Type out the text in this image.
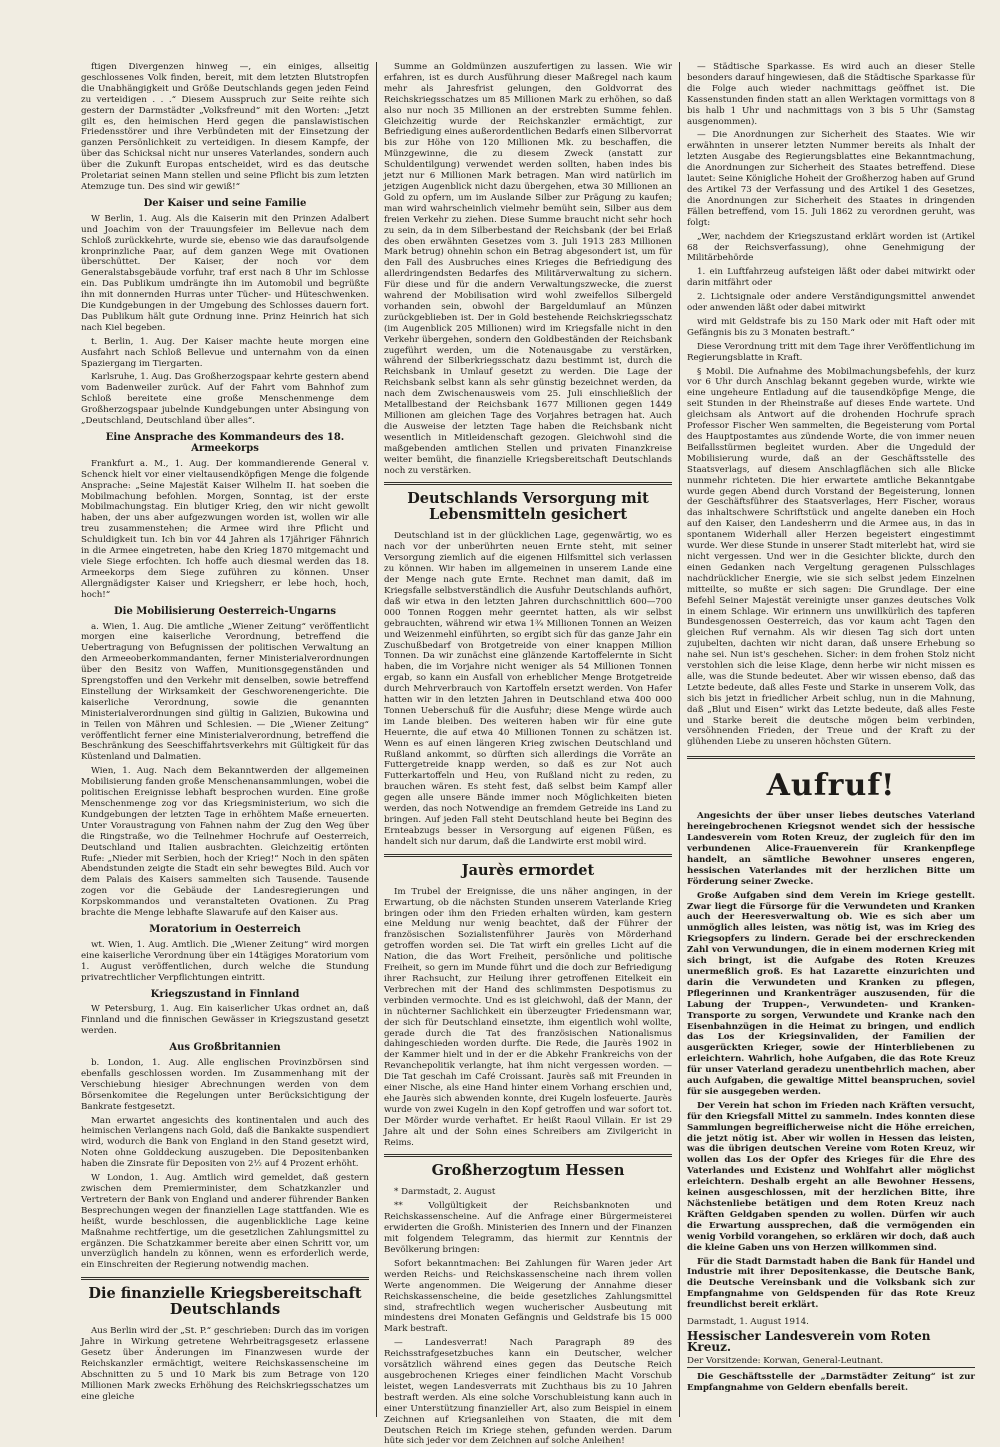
ftigen Divergenzen hinweg —, ein einiges, allseitig geschlossenes Volk finden, bereit, mit dem letzten Blutstropfen die Unabhängigkeit und Größe Deutschlands gegen jeden Feind zu verteidigen . . .“ Diesem Ausspruch zur Seite reihte sich gestern der Darmstädter „Volksfreund“ mit den Worten: „Jetzt gilt es, den heimischen Herd gegen die panslawistischen Friedensstörer und ihre Verbündeten mit der Einsetzung der ganzen Persönlichkeit zu verteidigen. In diesem Kampfe, der über das Schicksal nicht nur unseres Vaterlandes, sondern auch über die Zukunft Europas entscheidet, wird es das deutsche Proletariat seinen Mann stellen und seine Pflicht bis zum letzten Atemzuge tun. Des sind wir gewiß!“

Der Kaiser und seine Familie

W Berlin, 1. Aug. Als die Kaiserin mit den Prinzen Adalbert und Joachim von der Trauungsfeier im Bellevue nach dem Schloß zurückkehrte, wurde sie, ebenso wie das daraufsolgende kronprinzliche Paar, auf dem ganzen Wege mit Ovationen überschüttet. Der Kaiser, der noch vor dem Generalstabsgebäude vorfuhr, traf erst nach 8 Uhr im Schlosse ein. Das Publikum umdrängte ihn im Automobil und begrüßte ihn mit donnernden Hurras unter Tücher- und Hüteschwenken. Die Kundgebungen in der Umgebung des Schlosses dauern fort. Das Publikum hält gute Ordnung inne. Prinz Heinrich hat sich nach Kiel begeben.

t. Berlin, 1. Aug. Der Kaiser machte heute morgen eine Ausfahrt nach Schloß Bellevue und unternahm von da einen Spaziergang im Tiergarten.

Karlsruhe, 1. Aug. Das Großherzogspaar kehrte gestern abend vom Badenweiler zurück. Auf der Fahrt vom Bahnhof zum Schloß bereitete eine große Menschenmenge dem Großherzogspaar jubelnde Kundgebungen unter Absingung von „Deutschland, Deutschland über alles“.

Eine Ansprache des Kommandeurs des 18. Armeekorps

Frankfurt a. M., 1. Aug. Der kommandierende General v. Schenck hielt vor einer vieltausendköpfigen Menge die folgende Ansprache: „Seine Majestät Kaiser Wilhelm II. hat soeben die Mobilmachung befohlen. Morgen, Sonntag, ist der erste Mobilmachungstag. Ein blutiger Krieg, den wir nicht gewollt haben, der uns aber aufgezwungen worden ist, wollen wir alle treu zusammenstehen; die Armee wird ihre Pflicht und Schuldigkeit tun. Ich bin vor 44 Jahren als 17jähriger Fähnrich in die Armee eingetreten, habe den Krieg 1870 mitgemacht und viele Siege erfochten. Ich hoffe auch diesmal werden das 18. Armeekorps dem Siege zuführen zu können. Unser Allergnädigster Kaiser und Kriegsherr, er lebe hoch, hoch, hoch!“

Die Mobilisierung Oesterreich-Ungarns

a. Wien, 1. Aug. Die amtliche „Wiener Zeitung“ veröffentlicht morgen eine kaiserliche Verordnung, betreffend die Uebertragung von Befugnissen der politischen Verwaltung an den Armeeoberkommandanten, ferner Ministerialverordnungen über den Besitz von Waffen, Munitionsgegenständen und Sprengstoffen und den Verkehr mit denselben, sowie betreffend Einstellung der Wirksamkeit der Geschworenengerichte. Die kaiserliche Verordnung, sowie die genannten Ministerialverordnungen sind gültig in Galizien, Bukowina und in Teilen von Mähren und Schlesien. — Die „Wiener Zeitung“ veröffentlicht ferner eine Ministerialverordnung, betreffend die Beschränkung des Seeschiffahrtsverkehrs mit Gültigkeit für das Küstenland und Dalmatien.

Wien, 1. Aug. Nach dem Bekanntwerden der allgemeinen Mobilisierung fanden große Menschenansammlungen, wobei die politischen Ereignisse lebhaft besprochen wurden. Eine große Menschenmenge zog vor das Kriegsministerium, wo sich die Kundgebungen der letzten Tage in erhöhtem Maße erneuerten. Unter Voraustragung von Fahnen nahm der Zug den Weg über die Ringstraße, wo die Teilnehmer Hochrufe auf Oesterreich, Deutschland und Italien ausbrachten. Gleichzeitig ertönten Rufe: „Nieder mit Serbien, hoch der Krieg!“ Noch in den späten Abendstunden zeigte die Stadt ein sehr bewegtes Bild. Auch vor dem Palais des Kaisers sammelten sich Tausende. Tausende zogen vor die Gebäude der Landesregierungen und Korpskommandos und veranstalteten Ovationen. Zu Prag brachte die Menge lebhafte Slawarufe auf den Kaiser aus.

Moratorium in Oesterreich

wt. Wien, 1. Aug. Amtlich. Die „Wiener Zeitung“ wird morgen eine kaiserliche Verordnung über ein 14tägiges Moratorium vom 1. August veröffentlichen, durch welche die Stundung privatrechtlicher Verpflichtungen eintritt.

Kriegszustand in Finnland

W Petersburg, 1. Aug. Ein kaiserlicher Ukas ordnet an, daß Finnland und die finnischen Gewässer in Kriegszustand gesetzt werden.

Aus Großbritannien

b. London, 1. Aug. Alle englischen Provinzbörsen sind ebenfalls geschlossen worden. Im Zusammenhang mit der Verschiebung hiesiger Abrechnungen werden von dem Börsenkomitee die Regelungen unter Berücksichtigung der Bankrate festgesetzt.

Man erwartet angesichts des kontinentalen und auch des heimischen Verlangens nach Gold, daß die Bankakte suspendiert wird, wodurch die Bank von England in den Stand gesetzt wird, Noten ohne Golddeckung auszugeben. Die Depositenbanken haben die Zinsrate für Depositen von 2½ auf 4 Prozent erhöht.

W London, 1. Aug. Amtlich wird gemeldet, daß gestern zwischen dem Premierminister, dem Schatzkanzler und Vertretern der Bank von England und anderer führender Banken Besprechungen wegen der finanziellen Lage stattfanden. Wie es heißt, wurde beschlossen, die augenblickliche Lage keine Maßnahme rechtfertige, um die gesetzlichen Zahlungsmittel zu ergänzen. Die Schatzkammer bereite aber einen Schritt vor, um unverzüglich handeln zu können, wenn es erforderlich werde, ein Einschreiten der Regierung notwendig machen.

Die finanzielle Kriegsbereitschaft Deutschlands

Aus Berlin wird der „St. P.“ geschrieben: Durch das im vorigen Jahre in Wirkung getretene Wehrbeitragsgesetz erlassene Gesetz über Änderungen im Finanzwesen wurde der Reichskanzler ermächtigt, weitere Reichskassenscheine im Abschnitten zu 5 und 10 Mark bis zum Betrage von 120 Millionen Mark zwecks Erhöhung des Reichskriegsschatzes um eine gleiche

Summe an Goldmünzen auszufertigen zu lassen. Wie wir erfahren, ist es durch Ausführung dieser Maßregel nach kaum mehr als Jahresfrist gelungen, den Goldvorrat des Reichskriegsschatzes um 85 Millionen Mark zu erhöhen, so daß also nur noch 35 Millionen an der erstrebten Summe fehlen. Gleichzeitig wurde der Reichskanzler ermächtigt, zur Befriedigung eines außerordentlichen Bedarfs einen Silbervorrat bis zur Höhe von 120 Millionen Mk. zu beschaffen, die Münzgewinne, die zu diesem Zweck (anstatt zur Schuldentilgung) verwendet werden sollten, haben indes bis jetzt nur 6 Millionen Mark betragen. Man wird natürlich im jetzigen Augenblick nicht dazu übergehen, etwa 30 Millionen an Gold zu opfern, um im Auslande Silber zur Prägung zu kaufen; man wird wahrscheinlich vielmehr bemüht sein, Silber aus dem freien Verkehr zu ziehen. Diese Summe braucht nicht sehr hoch zu sein, da in dem Silberbestand der Reichsbank (der bei Erlaß des oben erwähnten Gesetzes vom 3. Juli 1913 283 Millionen Mark betrug) ohnehin schon ein Betrag abgesondert ist, um für den Fall des Ausbruches eines Krieges die Befriedigung des allerdringendsten Bedarfes des Militärverwaltung zu sichern. Für diese und für die andern Verwaltungszwecke, die zuerst wahrend der Mobilisation wird wohl zweifellos Silbergeld vorhanden sein, obwohl der Bargeldumlauf an Münzen zurückgeblieben ist. Der in Gold bestehende Reichskriegsschatz (im Augenblick 205 Millionen) wird im Kriegsfalle nicht in den Verkehr übergehen, sondern den Goldbeständen der Reichsbank zugeführt werden, um die Notenausgabe zu verstärken, während der Silberkriegsschatz dazu bestimmt ist, durch die Reichsbank in Umlauf gesetzt zu werden. Die Lage der Reichsbank selbst kann als sehr günstig bezeichnet werden, da nach dem Zwischenausweis vom 25. Juli einschließlich der Metallbestand der Reichsbank 1677 Millionen gegen 1449 Millionen am gleichen Tage des Vorjahres betragen hat. Auch die Ausweise der letzten Tage haben die Reichsbank nicht wesentlich in Mitleidenschaft gezogen. Gleichwohl sind die maßgebenden amtlichen Stellen und privaten Finanzkreise weiter bemüht, die finanzielle Kriegsbereitschaft Deutschlands noch zu verstärken.

Deutschlands Versorgung mit Lebensmitteln gesichert

Deutschland ist in der glücklichen Lage, gegenwärtig, wo es nach vor der unberührten neuen Ernte steht, mit seiner Versorgung ziemlich auf die eigenen Hilfsmittel sich verlassen zu können. Wir haben im allgemeinen in unserem Lande eine der Menge nach gute Ernte. Rechnet man damit, daß im Kriegsfalle selbstverständlich die Ausfuhr Deutschlands aufhört, daß wir etwa in den letzten Jahren durchschnittlich 600—700 000 Tonnen Roggen mehr geerntet hatten, als wir selbst gebrauchten, während wir etwa 1¾ Millionen Tonnen an Weizen und Weizenmehl einführten, so ergibt sich für das ganze Jahr ein Zuschußbedarf von Brotgetreide von einer knappen Million Tonnen. Da wir zunächst eine glänzende Kartoffelernte in Sicht haben, die im Vorjahre nicht weniger als 54 Millionen Tonnen ergab, so kann ein Ausfall von erheblicher Menge Brotgetreide durch Mehrverbrauch von Kartoffeln ersetzt werden. Von Hafer hatten wir in den letzten Jahren in Deutschland etwa 400 000 Tonnen Ueberschuß für die Ausfuhr; diese Menge würde auch im Lande bleiben. Des weiteren haben wir für eine gute Heuernte, die auf etwa 40 Millionen Tonnen zu schätzen ist. Wenn es auf einen längeren Krieg zwischen Deutschland und Rußland ankommt, so dürften sich allerdings die Vorräte an Futtergetreide knapp werden, so daß es zur Not auch Futterkartoffeln und Heu, von Rußland nicht zu reden, zu brauchen wären. Es steht fest, daß selbst beim Kampf aller gegen alle unsere Bände immer noch Möglichkeiten bieten werden, das noch Notwendige an fremdem Getreide ins Land zu bringen. Auf jeden Fall steht Deutschland heute bei Beginn des Ernteabzugs besser in Versorgung auf eigenen Füßen, es handelt sich nur darum, daß die Landwirte erst mobil wird.

Jaurès ermordet

Im Trubel der Ereignisse, die uns näher angingen, in der Erwartung, ob die nächsten Stunden unserem Vaterlande Krieg bringen oder ihm den Frieden erhalten würden, kam gestern eine Meldung nur wenig beachtet, daß der Führer der französischen Sozialistenführer Jaurès von Mörderhand getroffen worden sei. Die Tat wirft ein grelles Licht auf die Nation, die das Wort Freiheit, persönliche und politische Freiheit, so gern im Munde führt und die doch zur Befriedigung ihrer Rachsucht, zur Heilung ihrer getroffenen Eitelkeit ein Verbrechen mit der Hand des schlimmsten Despotismus zu verbinden vermochte. Und es ist gleichwohl, daß der Mann, der in nüchterner Sachlichkeit ein überzeugter Friedensmann war, der sich für Deutschland einsetzte, ihm eigentlich wohl wollte, gerade durch die Tat des französischen Nationalismus dahingeschieden worden durfte. Die Rede, die Jaurès 1902 in der Kammer hielt und in der er die Abkehr Frankreichs von der Revanchepolitik verlangte, hat ihm nicht vergessen worden. — Die Tat geschah im Café Croissant. Jaurès saß mit Freunden in einer Nische, als eine Hand hinter einem Vorhang erschien und, ehe Jaurès sich abwenden konnte, drei Kugeln losfeuerte. Jaurès wurde von zwei Kugeln in den Kopf getroffen und war sofort tot. Der Mörder wurde verhaftet. Er heißt Raoul Villain. Er ist 29 Jahre alt und der Sohn eines Schreibers am Zivilgericht in Reims.

Großherzogtum Hessen

* Darmstadt, 2. August

** Vollgültigkeit der Reichsbanknoten und Reichskassenscheine. Auf die Anfrage einer Bürgermeisterei erwiderten die Großh. Ministerien des Innern und der Finanzen mit folgendem Telegramm, das hiermit zur Kenntnis der Bevölkerung bringen:

Sofort bekanntmachen: Bei Zahlungen für Waren jeder Art werden Reichs- und Reichskassenscheine nach ihrem vollen Werte angenommen. Die Weigerung der Annahme dieser Reichskassenscheine, die beide gesetzliches Zahlungsmittel sind, strafrechtlich wegen wucherischer Ausbeutung mit mindestens drei Monaten Gefängnis und Geldstrafe bis 15 000 Mark bestraft.

— Landesverrat! Nach Paragraph 89 des Reichsstrafgesetzbuches kann ein Deutscher, welcher vorsätzlich während eines gegen das Deutsche Reich ausgebrochenen Krieges einer feindlichen Macht Vorschub leistet, wegen Landesverrats mit Zuchthaus bis zu 10 Jahren bestraft werden. Als eine solche Vorschubleistung kann auch in einer Unterstützung finanzieller Art, also zum Beispiel in einem Zeichnen auf Kriegsanleihen von Staaten, die mit dem Deutschen Reich im Kriege stehen, gefunden werden. Darum hüte sich jeder vor dem Zeichnen auf solche Anleihen!

— Städtische Sparkasse. Es wird auch an dieser Stelle besonders darauf hingewiesen, daß die Städtische Sparkasse für die Folge auch wieder nachmittags geöffnet ist. Die Kassenstunden finden statt an allen Werktagen vormittags von 8 bis halb 1 Uhr und nachmittags von 3 bis 5 Uhr (Samstag ausgenommen).

— Die Anordnungen zur Sicherheit des Staates. Wie wir erwähnten in unserer letzten Nummer bereits als Inhalt der letzten Ausgabe des Regierungsblattes eine Bekanntmachung, die Anordnungen zur Sicherheit des Staates betreffend. Diese lautet: Seine Königliche Hoheit der Großherzog haben auf Grund des Artikel 73 der Verfassung und des Artikel 1 des Gesetzes, die Anordnungen zur Sicherheit des Staates in dringenden Fällen betreffend, vom 15. Juli 1862 zu verordnen geruht, was folgt:

„Wer, nachdem der Kriegszustand erklärt worden ist (Artikel 68 der Reichsverfassung), ohne Genehmigung der Militärbehörde

1. ein Luftfahrzeug aufsteigen läßt oder dabei mitwirkt oder darin mitfährt oder

2. Lichtsignale oder andere Verständigungsmittel anwendet oder anwenden läßt oder dabei mitwirkt

wird mit Geldstrafe bis zu 150 Mark oder mit Haft oder mit Gefängnis bis zu 3 Monaten bestraft.“

Diese Verordnung tritt mit dem Tage ihrer Veröffentlichung im Regierungsblatte in Kraft.

§ Mobil. Die Aufnahme des Mobilmachungsbefehls, der kurz vor 6 Uhr durch Anschlag bekannt gegeben wurde, wirkte wie eine ungeheure Entladung auf die tausendköpfige Menge, die seit Stunden in der Rheinstraße auf dieses Ende wartete. Und gleichsam als Antwort auf die drohenden Hochrufe sprach Professor Fischer Wen sammelten, die Begeisterung vom Portal des Hauptpostamtes aus zündende Worte, die von immer neuen Beifallsstürmen begleitet wurden. Aber die Ungeduld der Mobilisierung wurde, daß an der Geschäftsstelle des Staatsverlags, auf diesem Anschlagflächen sich alle Blicke nunmehr richteten. Die hier erwartete amtliche Bekanntgabe wurde gegen Abend durch Vorstand der Begeisterung, lonnen der Geschäftsführer des Staatsverlages, Herr Fischer, woraus das inhaltschwere Schriftstück und angelte daneben ein Hoch auf den Kaiser, den Landesherrn und die Armee aus, in das in spontanem Widerhall aller Herzen begeistert eingestimmt wurde. Wer diese Stunde in unserer Stadt miterlebt hat, wird sie nicht vergessen. Und wer in die Gesichter blickte, durch den einen Gedanken nach Vergeltung geragenen Pulsschlages nachdrücklicher Energie, wie sie sich selbst jedem Einzelnen mitteilte, so mußte er sich sagen: Die Grundlage. Der eine Befehl Seiner Majestät vereinigte unser ganzes deutsches Volk in einem Schlage. Wir erinnern uns unwillkürlich des tapferen Bundesgenossen Oesterreich, das vor kaum acht Tagen den gleichen Ruf vernahm. Als wir diesen Tag sich dort unten zujubelten, dachten wir nicht daran, daß unsere Erhebung so nahe sei. Nun ist's geschehen. Sicher: in dem frohen Stolz nicht verstohlen sich die leise Klage, denn herbe wir nicht missen es alle, was die Stunde bedeutet. Aber wir wissen ebenso, daß das Letzte bedeute, daß alles Feste und Starke in unserem Volk, das sich bis jetzt in friedlicher Arbeit schlug, nun in die Mahnung, daß „Blut und Eisen“ wirkt das Letzte bedeute, daß alles Feste und Starke bereit die deutsche mögen beim verbinden, versöhnenden Frieden, der Treue und der Kraft zu der glühenden Liebe zu unseren höchsten Gütern.

Aufruf!

Angesichts der über unser liebes deutsches Vaterland hereingebrochenen Kriegsnot wendet sich der hessische Landesverein vom Roten Kreuz, der zugleich für den im verbundenen Alice-Frauenverein für Krankenpflege handelt, an sämtliche Bewohner unseres engeren, hessischen Vaterlandes mit der herzlichen Bitte um Förderung seiner Zwecke.

Große Aufgaben sind dem Verein im Kriege gestellt. Zwar liegt die Fürsorge für die Verwundeten und Kranken auch der Heeresverwaltung ob. Wie es sich aber um unmöglich alles leisten, was nötig ist, was im Krieg des Kriegsopfers zu lindern. Gerade bei der erschreckenden Zahl von Verwundungen, die in einem modernen Krieg mit sich bringt, ist die Aufgabe des Roten Kreuzes unermeßlich groß. Es hat Lazarette einzurichten und darin die Verwundeten und Kranken zu pflegen, Pflegerinnen und Krankenträger auszusenden, für die Labung der Truppen-, Verwundeten- und Kranken-Transporte zu sorgen, Verwundete und Kranke nach den Eisenbahnzügen in die Heimat zu bringen, und endlich das Los der Kriegsinvaliden, der Familien der ausgerückten Krieger, sowie der Hinterbliebenen zu erleichtern. Wahrlich, hohe Aufgaben, die das Rote Kreuz für unser Vaterland geradezu unentbehrlich machen, aber auch Aufgaben, die gewaltige Mittel beanspruchen, soviel für sie ausgegeben werden.

Der Verein hat schon im Frieden nach Kräften versucht, für den Kriegsfall Mittel zu sammeln. Indes konnten diese Sammlungen begreiflicherweise nicht die Höhe erreichen, die jetzt nötig ist. Aber wir wollen in Hessen das leisten, was die übrigen deutschen Vereine vom Roten Kreuz, wir wollen das Los der Opfer des Krieges für die Ehre des Vaterlandes und Existenz und Wohlfahrt aller möglichst erleichtern. Deshalb ergeht an alle Bewohner Hessens, keinen ausgeschlossen, mit der herzlichen Bitte, ihre Nächstenliebe betätigen und dem Roten Kreuz nach Kräften Geldgaben spenden zu wollen. Dürfen wir auch die Erwartung aussprechen, daß die vermögenden ein wenig Vorbild vorangehen, so erklären wir doch, daß auch die kleine Gaben uns von Herzen willkommen sind.

Für die Stadt Darmstadt haben die Bank für Handel und Industrie mit ihrer Depositenkasse, die Deutsche Bank, die Deutsche Vereinsbank und die Volksbank sich zur Empfangnahme von Geldspenden für das Rote Kreuz freundlichst bereit erklärt.

Darmstadt, 1. August 1914.
Hessischer Landesverein vom Roten Kreuz.
Der Vorsitzende: Korwan, General-Leutnant.

Die Geschäftsstelle der „Darmstädter Zeitung“ ist zur Empfangnahme von Geldern ebenfalls bereit.
